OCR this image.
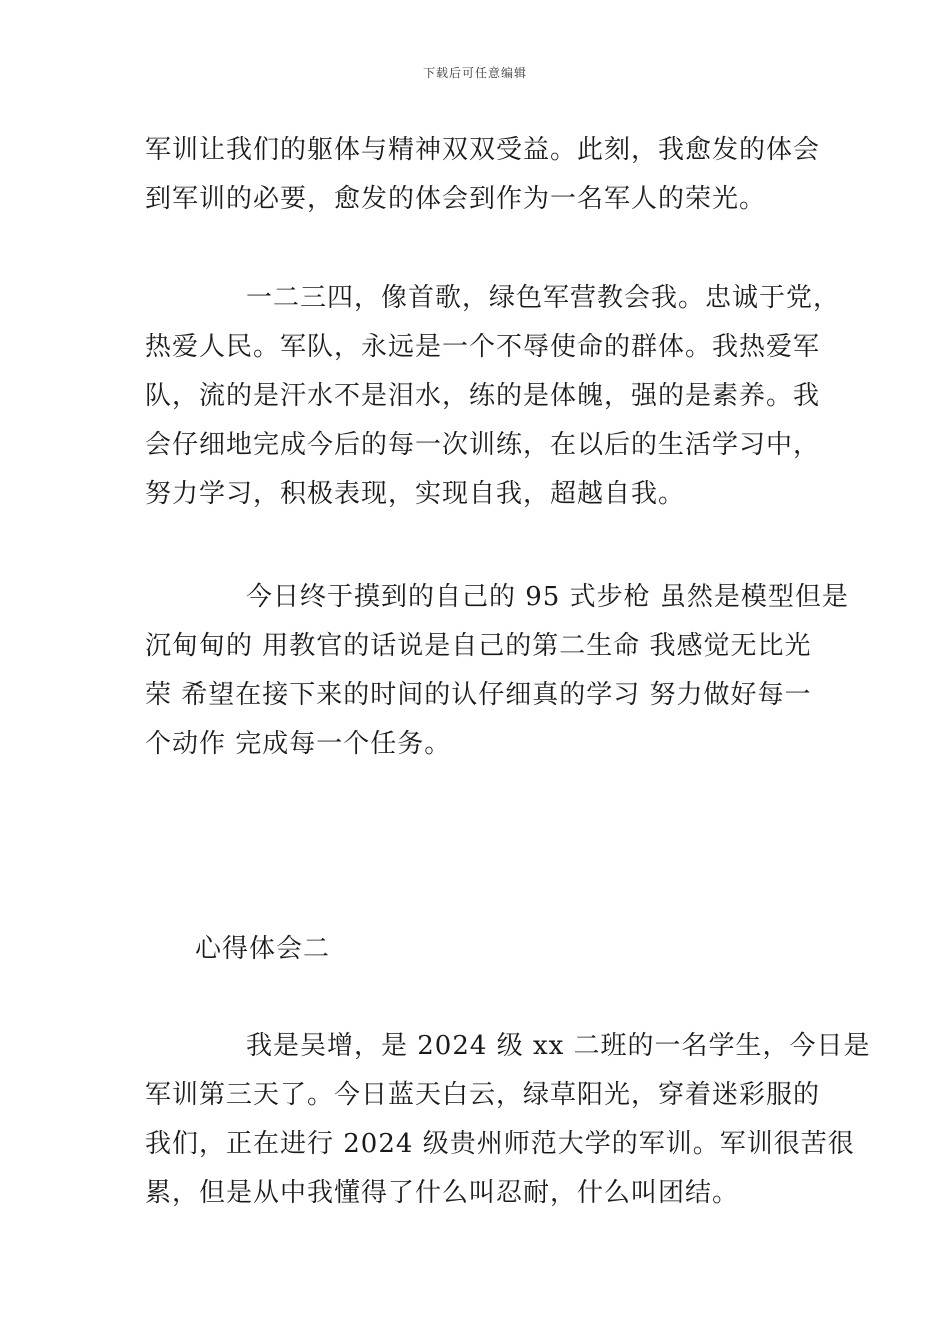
下载后可任意编辑
军训让我们的躯体与精神双双受益。此刻，我愈发的体会
到军训的必要，愈发的体会到作为一名军人的荣光。
一二三四，像首歌，绿色军营教会我。忠诚于党，
热爱人民。军队，永远是一个不辱使命的群体。我热爱军
队，流的是汗水不是泪水，练的是体魄，强的是素养。我
会仔细地完成今后的每一次训练，在以后的生活学习中，
努力学习，积极表现，实现自我，超越自我。
今日终于摸到的自己的 95 式步枪 虽然是模型但是
沉甸甸的 用教官的话说是自己的第二生命 我感觉无比光
荣 希望在接下来的时间的认仔细真的学习 努力做好每一
个动作 完成每一个任务。
心得体会二
我是吴增，是 2024 级 xx 二班的一名学生，今日是
军训第三天了。今日蓝天白云，绿草阳光，穿着迷彩服的
我们，正在进行 2024 级贵州师范大学的军训。军训很苦很
累，但是从中我懂得了什么叫忍耐，什么叫团结。
